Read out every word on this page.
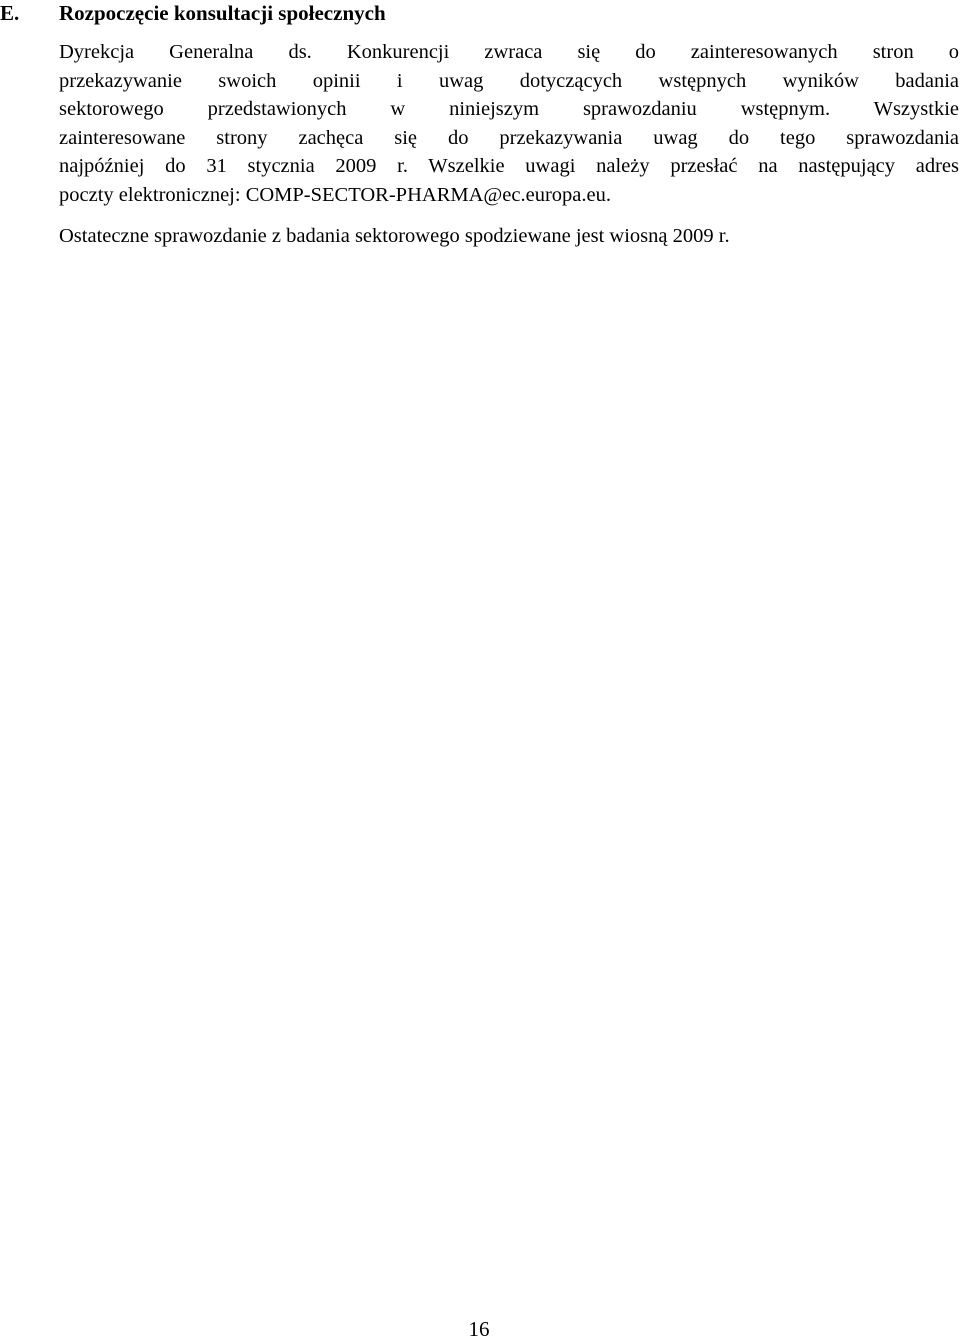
E. Rozpoczęcie konsultacji społecznych
Dyrekcja Generalna ds. Konkurencji zwraca się do zainteresowanych stron o
przekazywanie swoich opinii i uwag dotyczących wstępnych wyników badania
sektorowego przedstawionych w niniejszym sprawozdaniu wstępnym. Wszystkie
zainteresowane strony zachęca się do przekazywania uwag do tego sprawozdania
najpóźniej do 31 stycznia 2009 r. Wszelkie uwagi należy przesłać na następujący adres
poczty elektronicznej: COMP-SECTOR-PHARMA@ec.europa.eu.
Ostateczne sprawozdanie z badania sektorowego spodziewane jest wiosną 2009 r.
16
